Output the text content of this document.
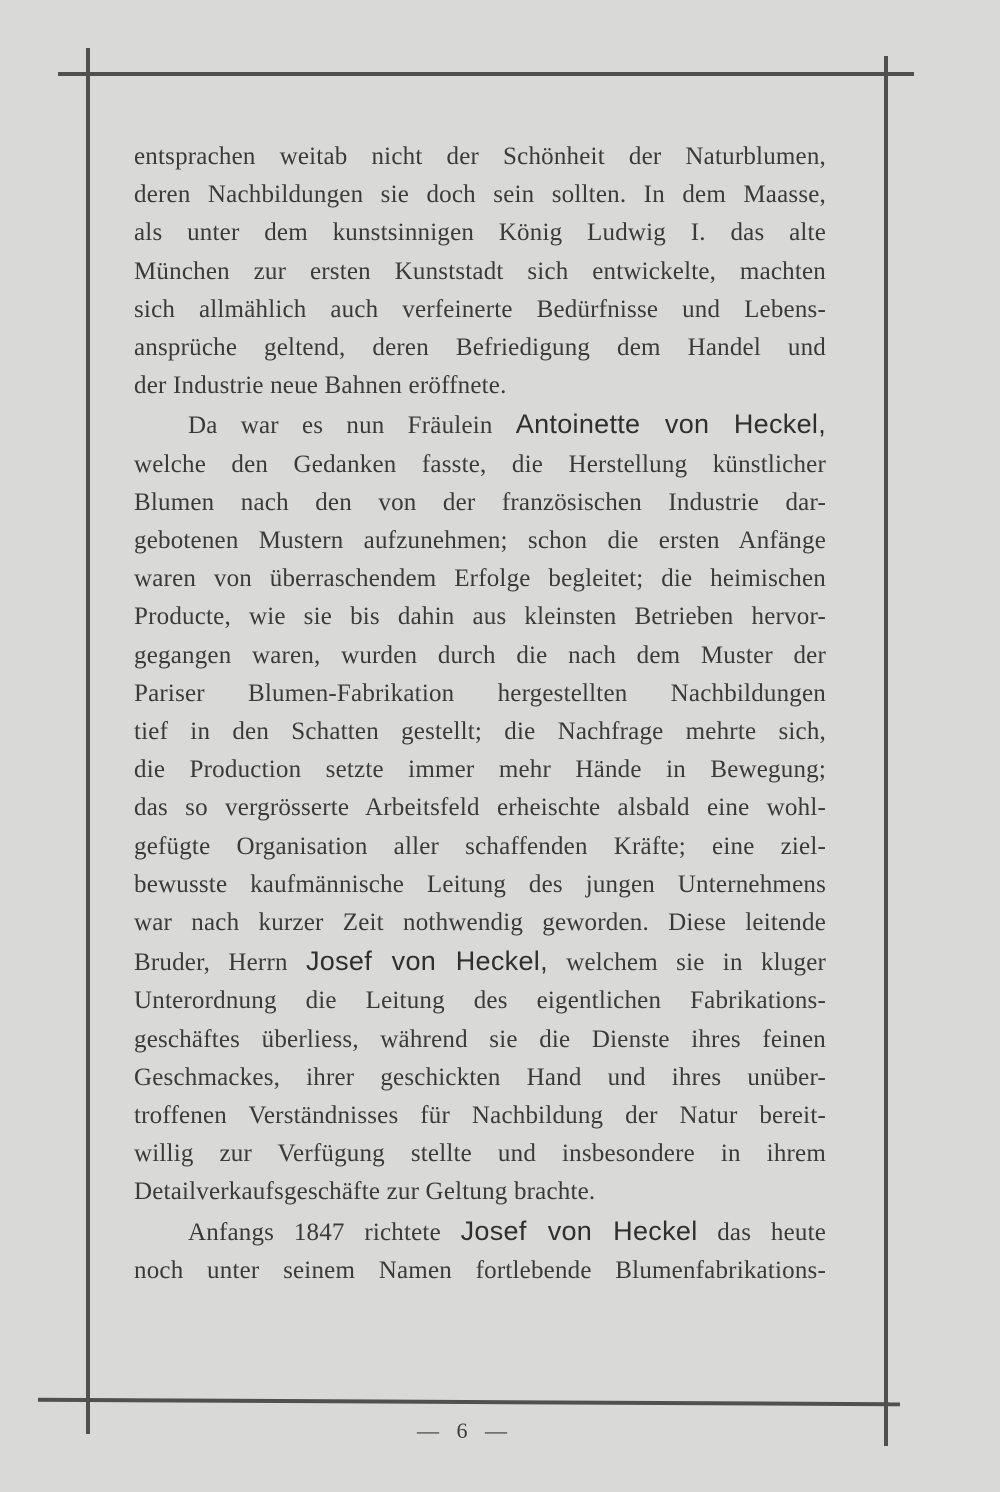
entsprachen weitab nicht der Schönheit der Naturblumen,
deren Nachbildungen sie doch sein sollten. In dem Maasse,
als unter dem kunstsinnigen König Ludwig I. das alte
München zur ersten Kunststadt sich entwickelte, machten
sich allmählich auch verfeinerte Bedürfnisse und Lebens-
ansprüche geltend, deren Befriedigung dem Handel und
der Industrie neue Bahnen eröffnete.

Da war es nun Fräulein Antoinette von Heckel,
welche den Gedanken fasste, die Herstellung künstlicher
Blumen nach den von der französischen Industrie dar-
gebotenen Mustern aufzunehmen; schon die ersten Anfänge
waren von überraschendem Erfolge begleitet; die heimischen
Producte, wie sie bis dahin aus kleinsten Betrieben hervor-
gegangen waren, wurden durch die nach dem Muster der
Pariser Blumen-Fabrikation hergestellten Nachbildungen
tief in den Schatten gestellt; die Nachfrage mehrte sich,
die Production setzte immer mehr Hände in Bewegung;
das so vergrösserte Arbeitsfeld erheischte alsbald eine wohl-
gefügte Organisation aller schaffenden Kräfte; eine ziel-
bewusste kaufmännische Leitung des jungen Unternehmens
war nach kurzer Zeit nothwendig geworden. Diese leitende
Bruder, Herrn Josef von Heckel, welchem sie in kluger
Unterordnung die Leitung des eigentlichen Fabrikations-
geschäftes überliess, während sie die Dienste ihres feinen
Geschmackes, ihrer geschickten Hand und ihres unüber-
troffenen Verständnisses für Nachbildung der Natur bereit-
willig zur Verfügung stellte und insbesondere in ihrem
Detailverkaufsgeschäfte zur Geltung brachte.

Anfangs 1847 richtete Josef von Heckel das heute
noch unter seinem Namen fortlebende Blumenfabrikations-

— 6 —
